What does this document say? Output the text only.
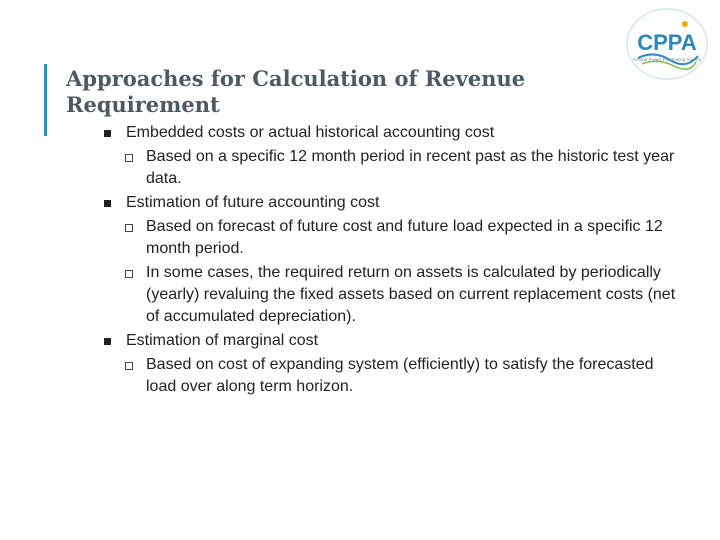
Approaches for Calculation of Revenue Requirement
CPPA
Central Power Purchasing Agency
Embedded costs or actual historical accounting cost
Based on a specific 12 month period in recent past as the historic test year data.
Estimation of future accounting cost
Based on forecast of future cost and future load expected in a specific 12 month period.
In some cases, the required return on assets is calculated by periodically (yearly) revaluing the fixed assets based on current replacement costs (net of accumulated depreciation).
Estimation of marginal cost
Based on cost of expanding system (efficiently) to satisfy the forecasted load over along term horizon.
